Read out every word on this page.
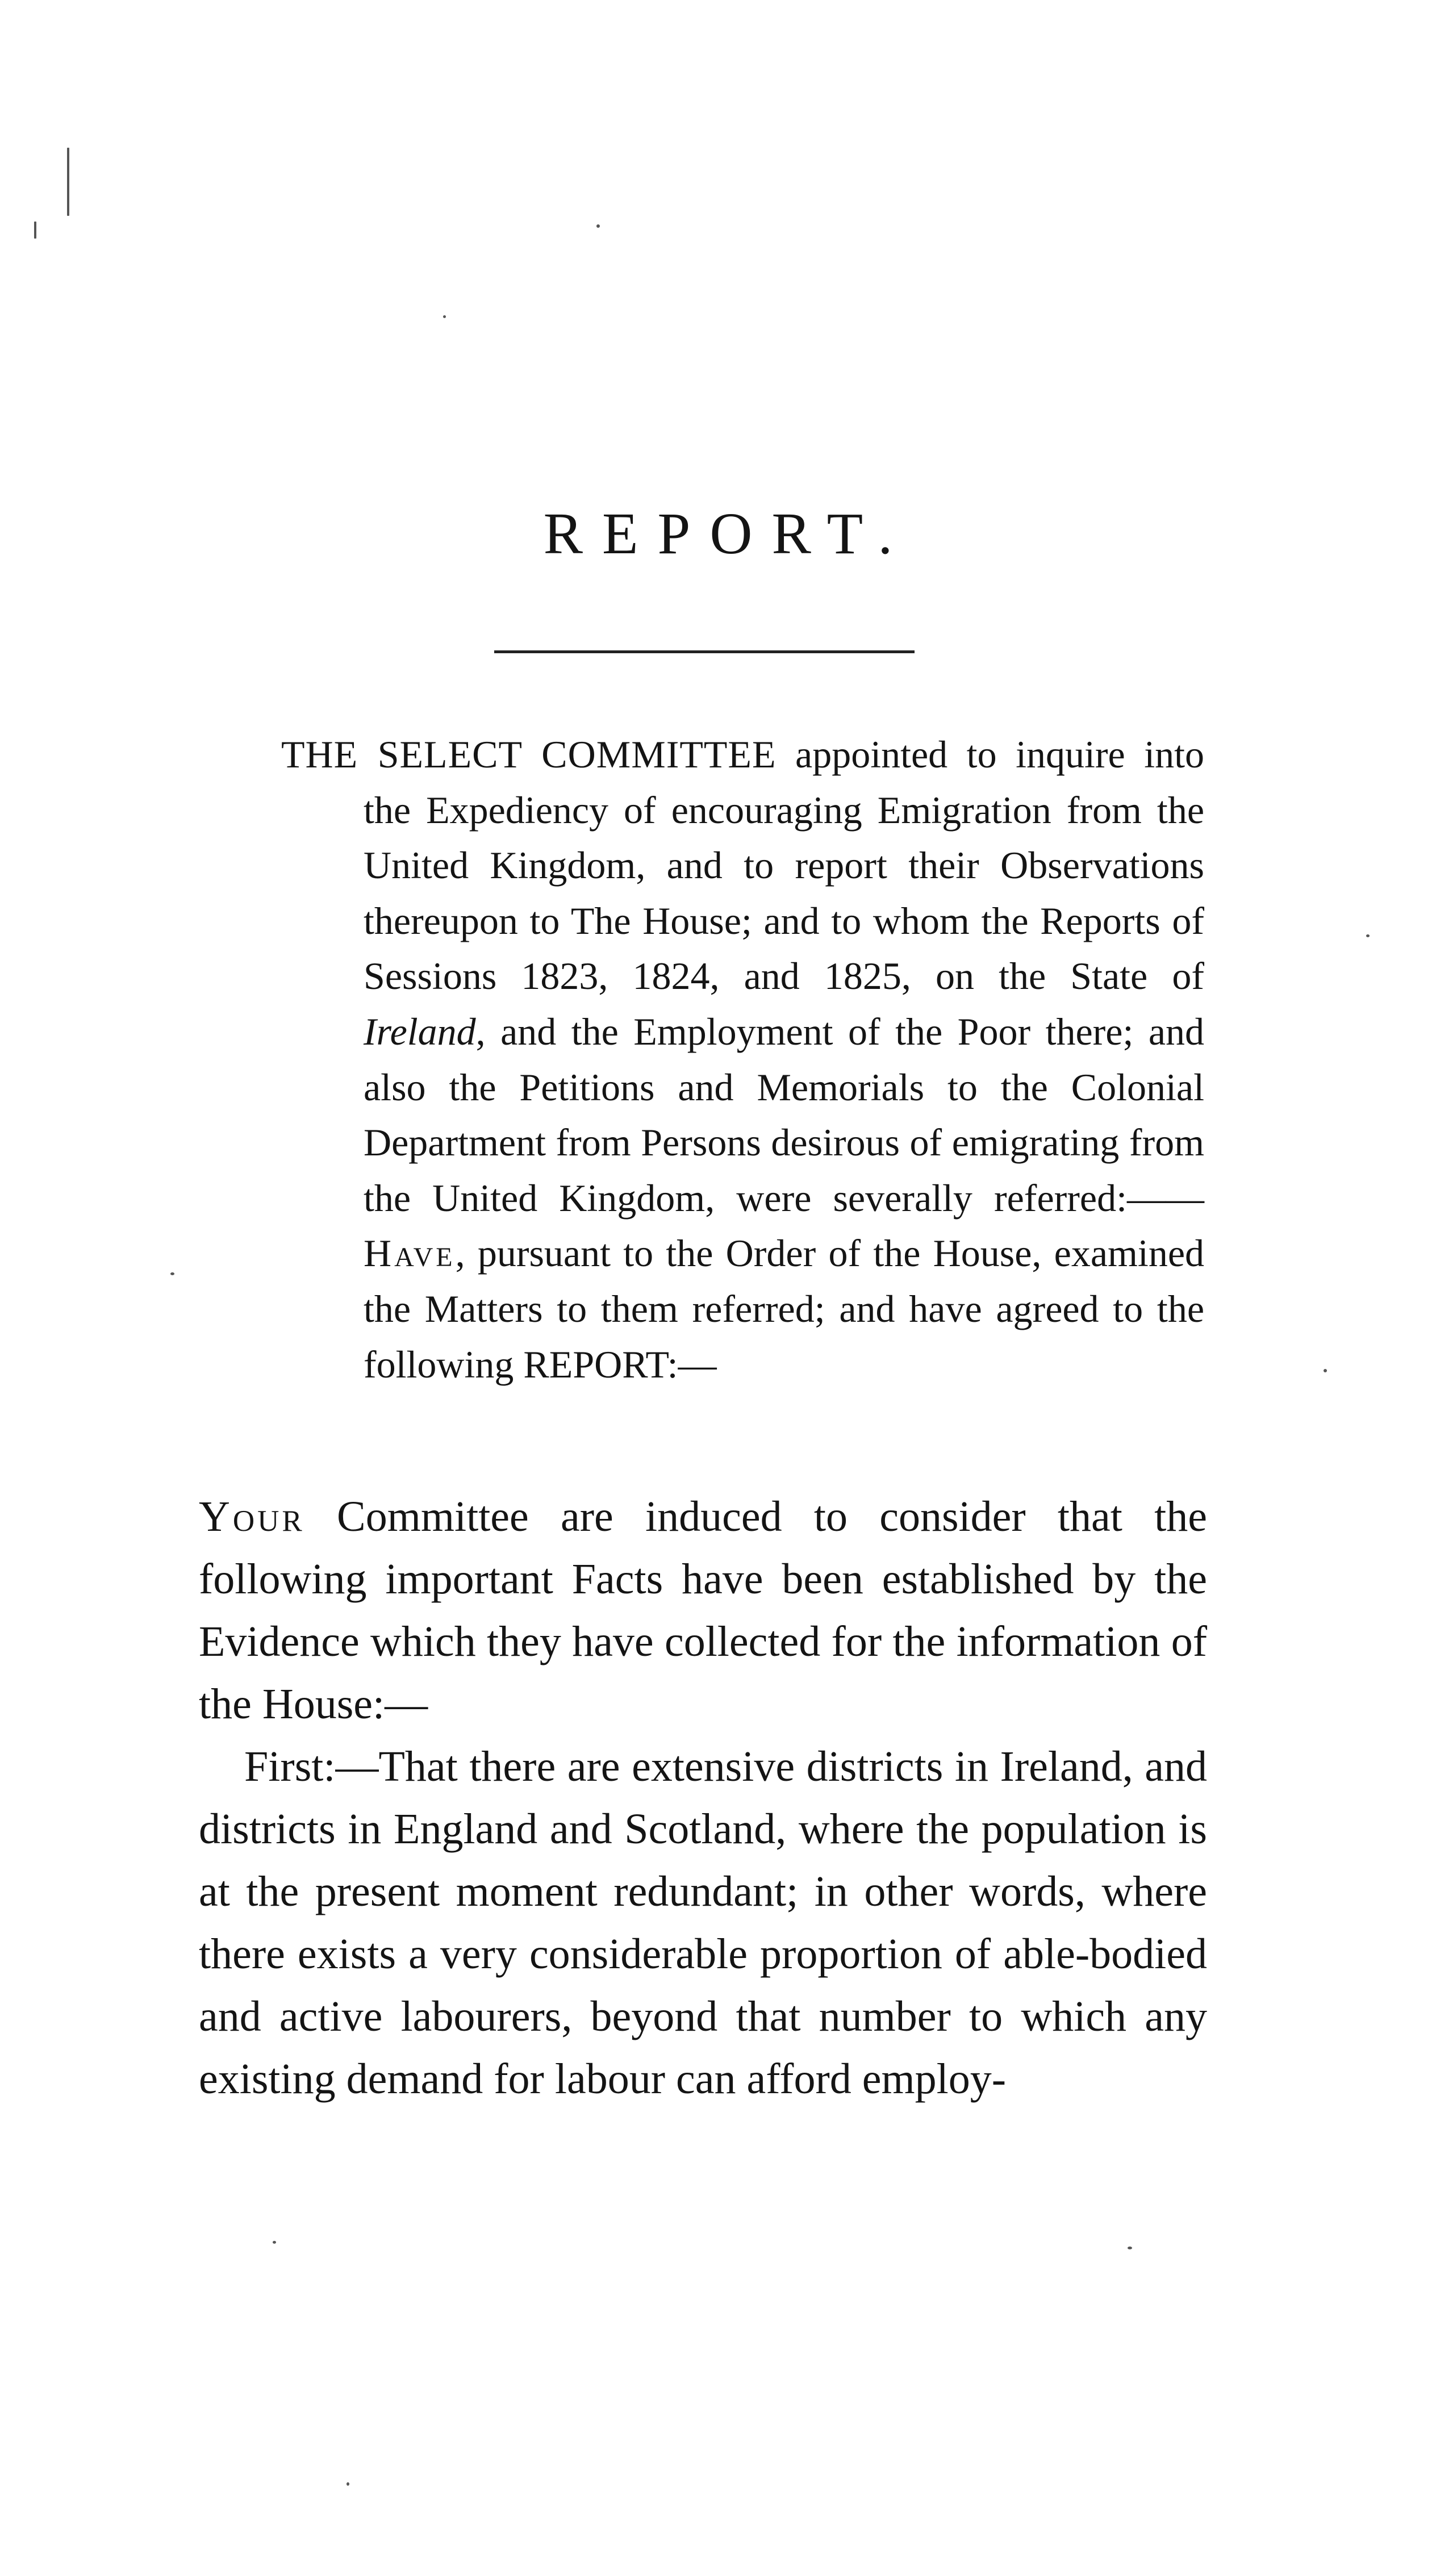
REPORT.
THE SELECT COMMITTEE appointed to inquire into the Expediency of encouraging Emigration from the United Kingdom, and to report their Observations thereupon to The House; and to whom the Reports of Sessions 1823, 1824, and 1825, on the State of Ireland, and the Employment of the Poor there; and also the Petitions and Memorials to the Colonial Department from Persons desirous of emigrating from the United Kingdom, were severally referred:——Have, pursuant to the Order of the House, examined the Matters to them referred; and have agreed to the following REPORT:—

Your Committee are induced to consider that the following important Facts have been established by the Evidence which they have collected for the information of the House:—

First:—That there are extensive districts in Ireland, and districts in England and Scotland, where the population is at the present moment redundant; in other words, where there exists a very considerable proportion of able-bodied and active labourers, beyond that number to which any existing demand for labour can afford employ-
